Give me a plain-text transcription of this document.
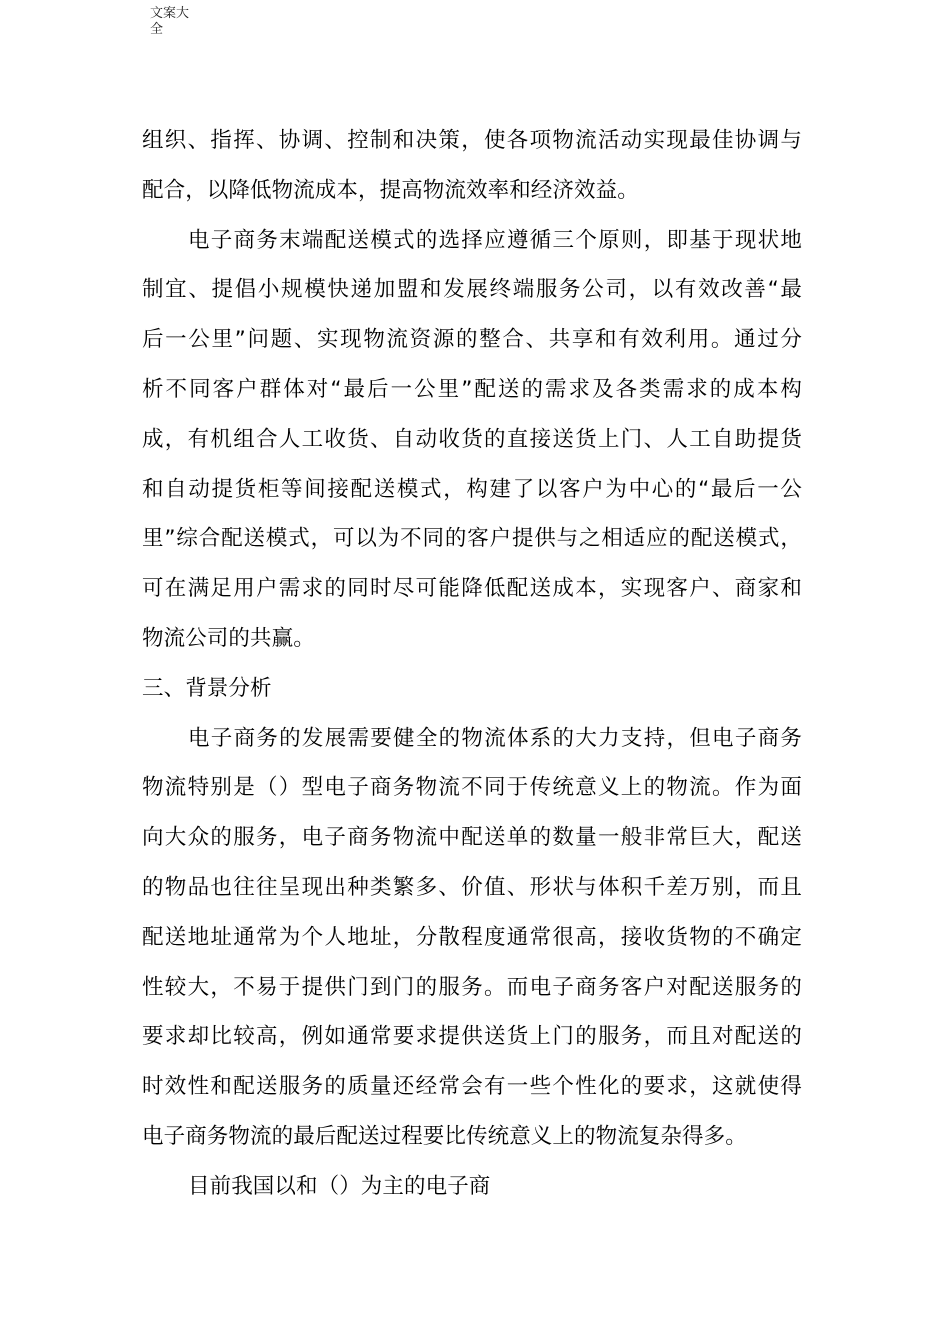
文案大全
组织、指挥、协调、控制和决策，使各项物流活动实现最佳协调与
配合，以降低物流成本，提高物流效率和经济效益。
电子商务末端配送模式的选择应遵循三个原则，即基于现状地
制宜、提倡小规模快递加盟和发展终端服务公司，以有效改善“最
后一公里”问题、实现物流资源的整合、共享和有效利用。通过分
析不同客户群体对“最后一公里”配送的需求及各类需求的成本构
成，有机组合人工收货、自动收货的直接送货上门、人工自助提货
和自动提货柜等间接配送模式，构建了以客户为中心的“最后一公
里”综合配送模式，可以为不同的客户提供与之相适应的配送模式，
可在满足用户需求的同时尽可能降低配送成本，实现客户、商家和
物流公司的共赢。
三、背景分析
电子商务的发展需要健全的物流体系的大力支持，但电子商务
物流特别是（）型电子商务物流不同于传统意义上的物流。作为面
向大众的服务，电子商务物流中配送单的数量一般非常巨大，配送
的物品也往往呈现出种类繁多、价值、形状与体积千差万别，而且
配送地址通常为个人地址，分散程度通常很高，接收货物的不确定
性较大，不易于提供门到门的服务。而电子商务客户对配送服务的
要求却比较高，例如通常要求提供送货上门的服务，而且对配送的
时效性和配送服务的质量还经常会有一些个性化的要求，这就使得
电子商务物流的最后配送过程要比传统意义上的物流复杂得多。
目前我国以和（）为主的电子商
